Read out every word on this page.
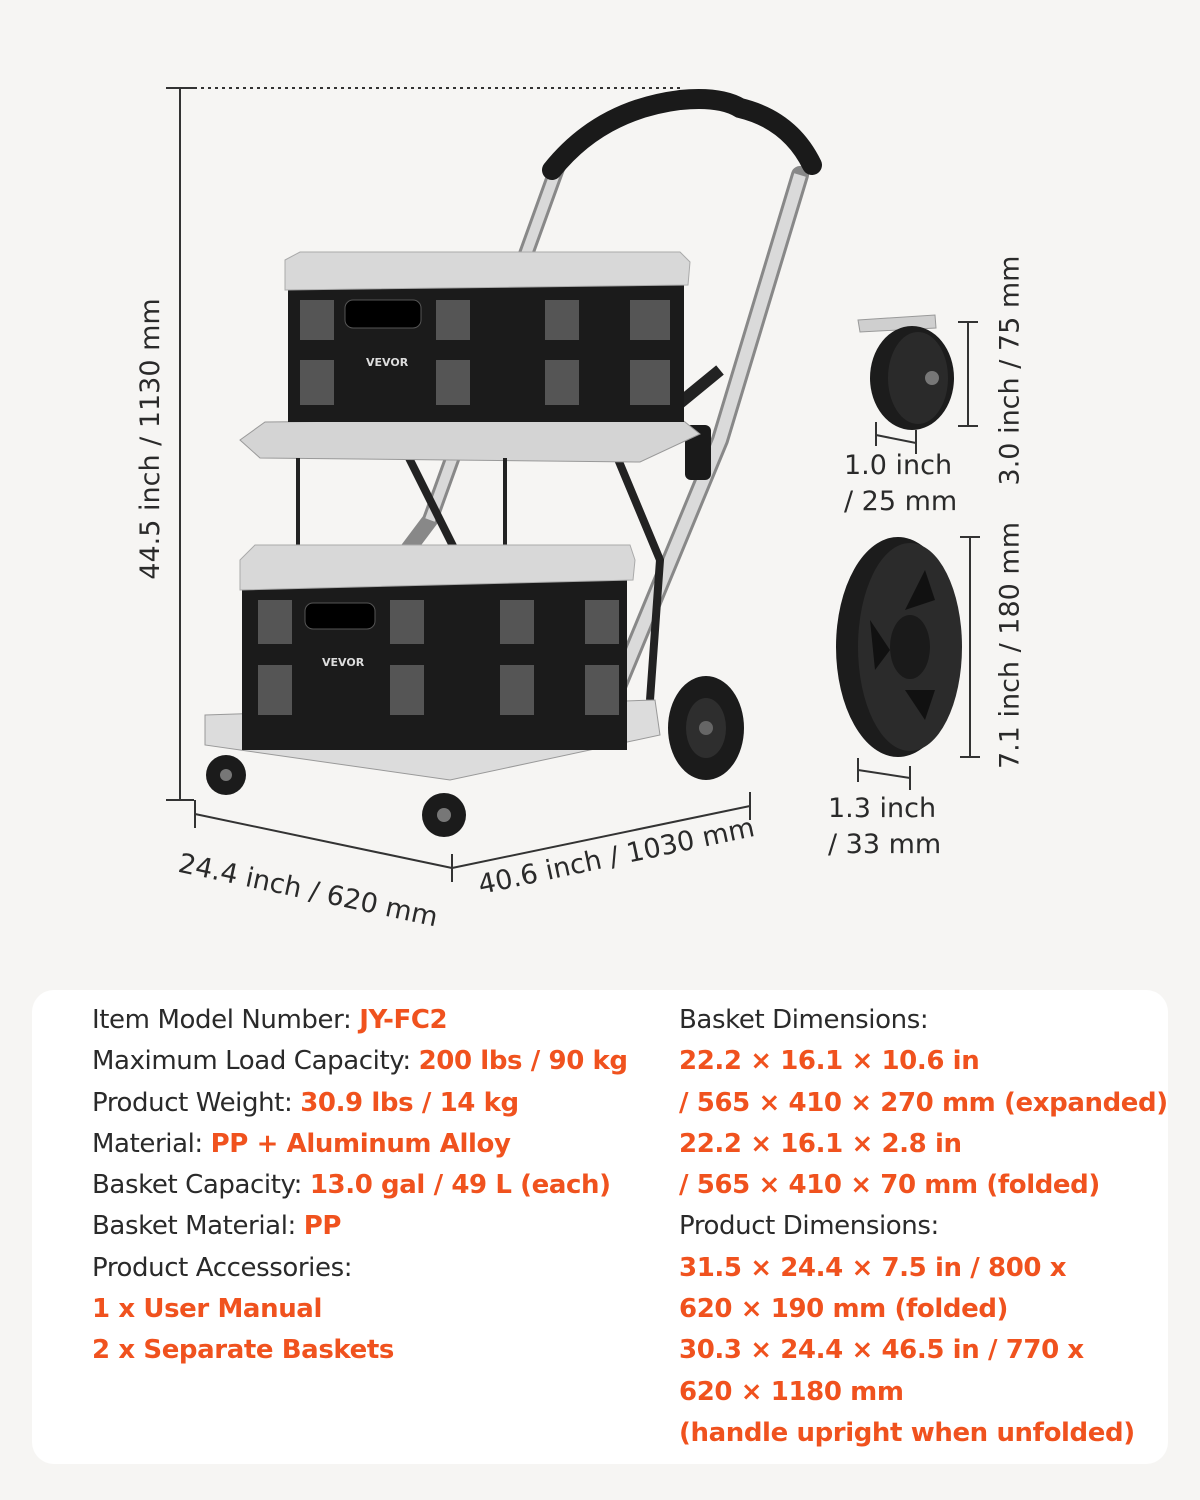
VEVOR
VEVOR
44.5 inch / 1130 mm
24.4 inch / 620 mm 40.6 inch / 1030 mm
3.0 inch / 75 mm
1.0 inch
/ 25 mm
7.1 inch / 180 mm
1.3 inch
/ 33 mm
Item Model Number: JY-FC2
Maximum Load Capacity: 200 lbs / 90 kg
Product Weight: 30.9 lbs / 14 kg
Material: PP + Aluminum Alloy
Basket Capacity: 13.0 gal / 49 L (each)
Basket Material: PP
Product Accessories:
1 x User Manual
2 x Separate Baskets
Basket Dimensions:
22.2 × 16.1 × 10.6 in
/ 565 × 410 × 270 mm (expanded)
22.2 × 16.1 × 2.8 in
/ 565 × 410 × 70 mm (folded)
Product Dimensions:
31.5 × 24.4 × 7.5 in / 800 x
620 × 190 mm (folded)
30.3 × 24.4 × 46.5 in / 770 x
620 × 1180 mm
(handle upright when unfolded)
